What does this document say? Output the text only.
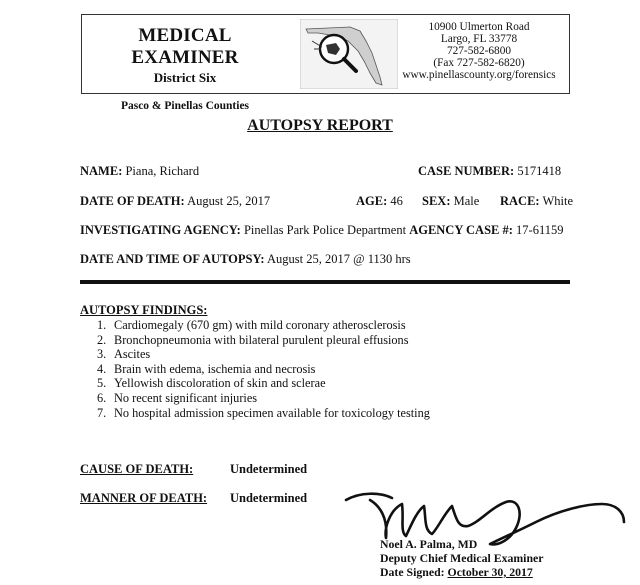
MEDICAL EXAMINER
District Six
Pasco & Pinellas Counties
10900 Ulmerton Road
Largo, FL 33778
727-582-6800
(Fax 727-582-6820)
www.pinellascounty.org/forensics
AUTOPSY REPORT
NAME: Piana, Richard	CASE NUMBER: 5171418
DATE OF DEATH: August 25, 2017	AGE: 46 SEX: Male RACE: White
INVESTIGATING AGENCY: Pinellas Park Police Department AGENCY CASE #: 17-61159
DATE AND TIME OF AUTOPSY: August 25, 2017 @ 1130 hrs
AUTOPSY FINDINGS:
1. Cardiomegaly (670 gm) with mild coronary atherosclerosis
2. Bronchopneumonia with bilateral purulent pleural effusions
3. Ascites
4. Brain with edema, ischemia and necrosis
5. Yellowish discoloration of skin and sclerae
6. No recent significant injuries
7. No hospital admission specimen available for toxicology testing
CAUSE OF DEATH:	Undetermined
MANNER OF DEATH: Undetermined
Noel A. Palma, MD
Deputy Chief Medical Examiner
Date Signed: October 30, 2017
